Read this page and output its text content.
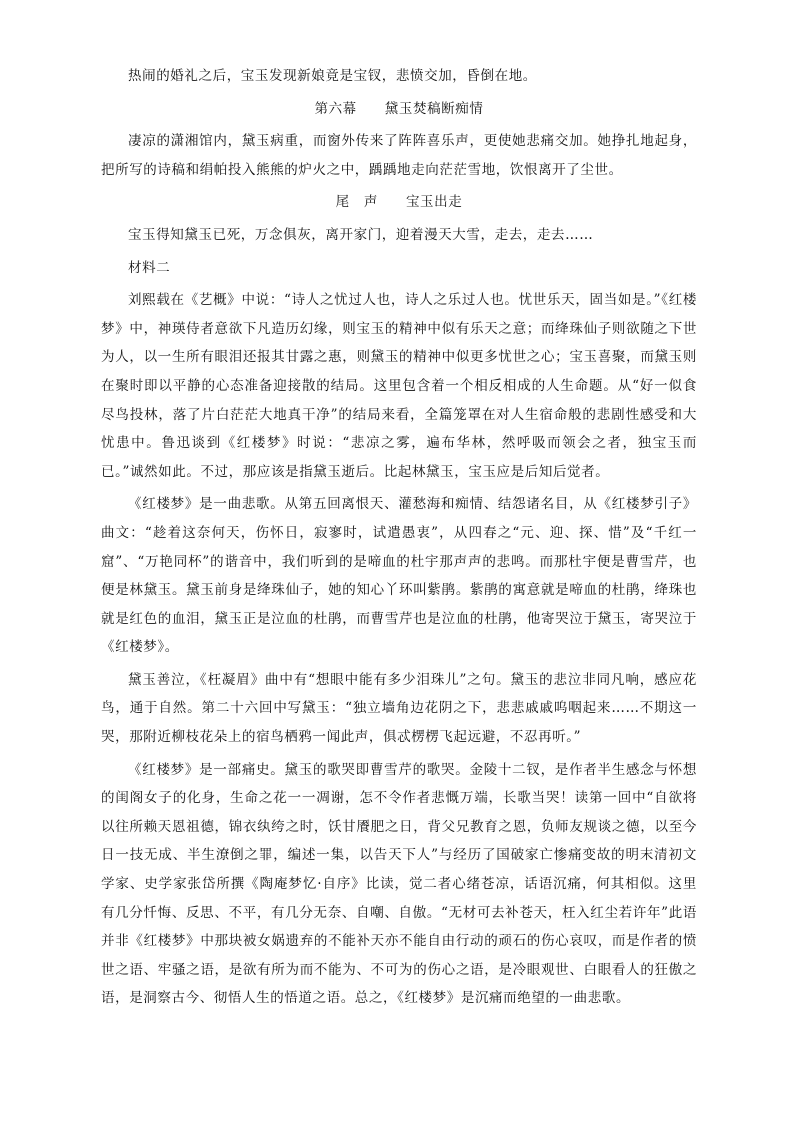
热闹的婚礼之后，宝玉发现新娘竟是宝钗，悲愤交加，昏倒在地。

第六幕 黛玉焚稿断痴情

凄凉的潇湘馆内，黛玉病重，而窗外传来了阵阵喜乐声，更使她悲痛交加。她挣扎地起身，把所写的诗稿和绢帕投入熊熊的炉火之中，踽踽地走向茫茫雪地，饮恨离开了尘世。

尾　声 宝玉出走

宝玉得知黛玉已死，万念俱灰，离开家门，迎着漫天大雪，走去，走去……

材料二

刘熙载在《艺概》中说：“诗人之忧过人也，诗人之乐过人也。忧世乐天，固当如是。”《红楼梦》中，神瑛侍者意欲下凡造历幻缘，则宝玉的精神中似有乐天之意；而绛珠仙子则欲随之下世为人，以一生所有眼泪还报其甘露之惠，则黛玉的精神中似更多忧世之心；宝玉喜聚，而黛玉则在聚时即以平静的心态准备迎接散的结局。这里包含着一个相反相成的人生命题。从“好一似食尽鸟投林，落了片白茫茫大地真干净”的结局来看，全篇笼罩在对人生宿命般的悲剧性感受和大忧患中。鲁迅谈到《红楼梦》时说：“悲凉之雾，遍布华林，然呼吸而领会之者，独宝玉而已。”诚然如此。不过，那应该是指黛玉逝后。比起林黛玉，宝玉应是后知后觉者。

《红楼梦》是一曲悲歌。从第五回离恨天、灌愁海和痴情、结怨诸名目，从《红楼梦引子》曲文：“趁着这奈何天，伤怀日，寂寥时，试遣愚衷”，从四春之“元、迎、探、惜”及“千红一窟”、“万艳同杯”的谐音中，我们听到的是啼血的杜宇那声声的悲鸣。而那杜宇便是曹雪芹，也便是林黛玉。黛玉前身是绛珠仙子，她的知心丫环叫紫鹃。紫鹃的寓意就是啼血的杜鹃，绛珠也就是红色的血泪，黛玉正是泣血的杜鹃，而曹雪芹也是泣血的杜鹃，他寄哭泣于黛玉，寄哭泣于《红楼梦》。

黛玉善泣，《枉凝眉》曲中有“想眼中能有多少泪珠儿”之句。黛玉的悲泣非同凡响，感应花鸟，通于自然。第二十六回中写黛玉：“独立墙角边花阴之下，悲悲戚戚呜咽起来……不期这一哭，那附近柳枝花朵上的宿鸟栖鸦一闻此声，俱忒楞楞飞起远避，不忍再听。”

《红楼梦》是一部痛史。黛玉的歌哭即曹雪芹的歌哭。金陵十二钗，是作者半生感念与怀想的闺阁女子的化身，生命之花一一凋谢，怎不令作者悲慨万端，长歌当哭！读第一回中“自欲将以往所赖天恩祖德，锦衣纨绔之时，饫甘餍肥之日，背父兄教育之恩，负师友规谈之德，以至今日一技无成、半生潦倒之罪，编述一集，以告天下人”与经历了国破家亡惨痛变故的明末清初文学家、史学家张岱所撰《陶庵梦忆·自序》比读，觉二者心绪苍凉，话语沉痛，何其相似。这里有几分忏悔、反思、不平，有几分无奈、自嘲、自傲。“无材可去补苍天，枉入红尘若许年”此语并非《红楼梦》中那块被女娲遗弃的不能补天亦不能自由行动的顽石的伤心哀叹，而是作者的愤世之语、牢骚之语，是欲有所为而不能为、不可为的伤心之语，是冷眼观世、白眼看人的狂傲之语，是洞察古今、彻悟人生的悟道之语。总之，《红楼梦》是沉痛而绝望的一曲悲歌。
